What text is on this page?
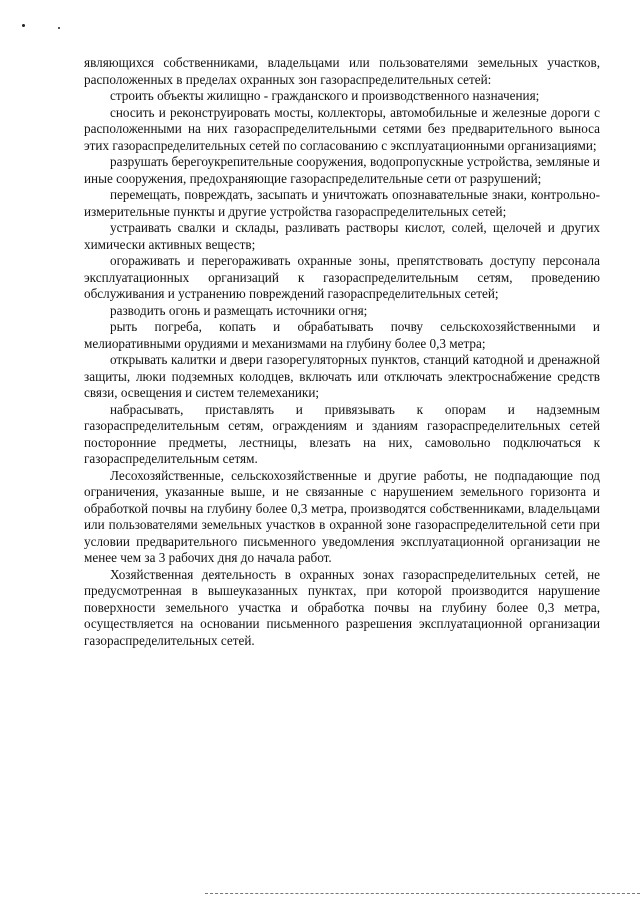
являющихся собственниками, владельцами или пользователями земельных участков, расположенных в пределах охранных зон газораспределительных сетей:

строить объекты жилищно - гражданского и производственного назначения;

сносить и реконструировать мосты, коллекторы, автомобильные и железные дороги с расположенными на них газораспределительными сетями без предварительного выноса этих газораспределительных сетей по согласованию с эксплуатационными организациями;

разрушать берегоукрепительные сооружения, водопропускные устройства, земляные и иные сооружения, предохраняющие газораспределительные сети от разрушений;

перемещать, повреждать, засыпать и уничтожать опознавательные знаки, контрольно-измерительные пункты и другие устройства газораспределительных сетей;

устраивать свалки и склады, разливать растворы кислот, солей, щелочей и других химически активных веществ;

огораживать и перегораживать охранные зоны, препятствовать доступу персонала эксплуатационных организаций к газораспределительным сетям, проведению обслуживания и устранению повреждений газораспределительных сетей;

разводить огонь и размещать источники огня;

рыть погреба, копать и обрабатывать почву сельскохозяйственными и мелиоративными орудиями и механизмами на глубину более 0,3 метра;

открывать калитки и двери газорегуляторных пунктов, станций катодной и дренажной защиты, люки подземных колодцев, включать или отключать электроснабжение средств связи, освещения и систем телемеханики;

набрасывать, приставлять и привязывать к опорам и надземным газораспределительным сетям, ограждениям и зданиям газораспределительных сетей посторонние предметы, лестницы, влезать на них, самовольно подключаться к газораспределительным сетям.

Лесохозяйственные, сельскохозяйственные и другие работы, не подпадающие под ограничения, указанные выше, и не связанные с нарушением земельного горизонта и обработкой почвы на глубину более 0,3 метра, производятся собственниками, владельцами или пользователями земельных участков в охранной зоне газораспределительной сети при условии предварительного письменного уведомления эксплуатационной организации не менее чем за 3 рабочих дня до начала работ.

Хозяйственная деятельность в охранных зонах газораспределительных сетей, не предусмотренная в вышеуказанных пунктах, при которой производится нарушение поверхности земельного участка и обработка почвы на глубину более 0,3 метра, осуществляется на основании письменного разрешения эксплуатационной организации газораспределительных сетей.
